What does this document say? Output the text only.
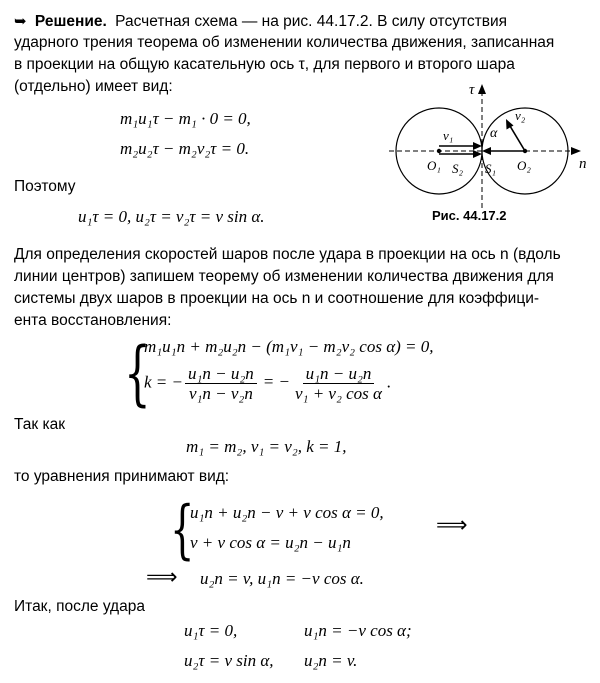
➥ Решение. Расчетная схема — на рис. 44.17.2. В силу отсутствия
ударного трения теорема об изменении количества движения, записанная
в проекции на общую касательную ось τ, для первого и второго шара
(отдельно) имеет вид:
m₁u₁τ − m₁ · 0 = 0,
m₂u₂τ − m₂v₂τ = 0.
Поэтому
u₁τ = 0, u₂τ = v₂τ = v sin α.
τ
n
v₁
v₂
α
S₂ S₁
O₁	O₂
Рис. 44.17.2
Для определения скоростей шаров после удара в проекции на ось n (вдоль
линии центров) запишем теорему об изменении количества движения для
системы двух шаров в проекции на ось n и соотношение для коэффици-
ента восстановления:
{
m₁u₁n + m₂u₂n − (m₁v₁ − m₂v₂ cos α) = 0,
k = − $\frac{\text{u₁n − u₂n}}{\text{v₁n − v₂n}}$ = − $\frac{\text{u₁n − u₂n}}{\text{v₁ + v₂ cos α}}$ .
Так как
m₁ = m₂, v₁ = v₂, k = 1,
то уравнения принимают вид:
{
u₁n + u₂n − v + v cos α = 0,
v + v cos α = u₂n − u₁n
⟹
⟹ u₂n = v, u₁n = −v cos α.
Итак, после удара
u₁τ = 0,	u₁n = −v cos α;
u₂τ = v sin α, u₂n = v.
